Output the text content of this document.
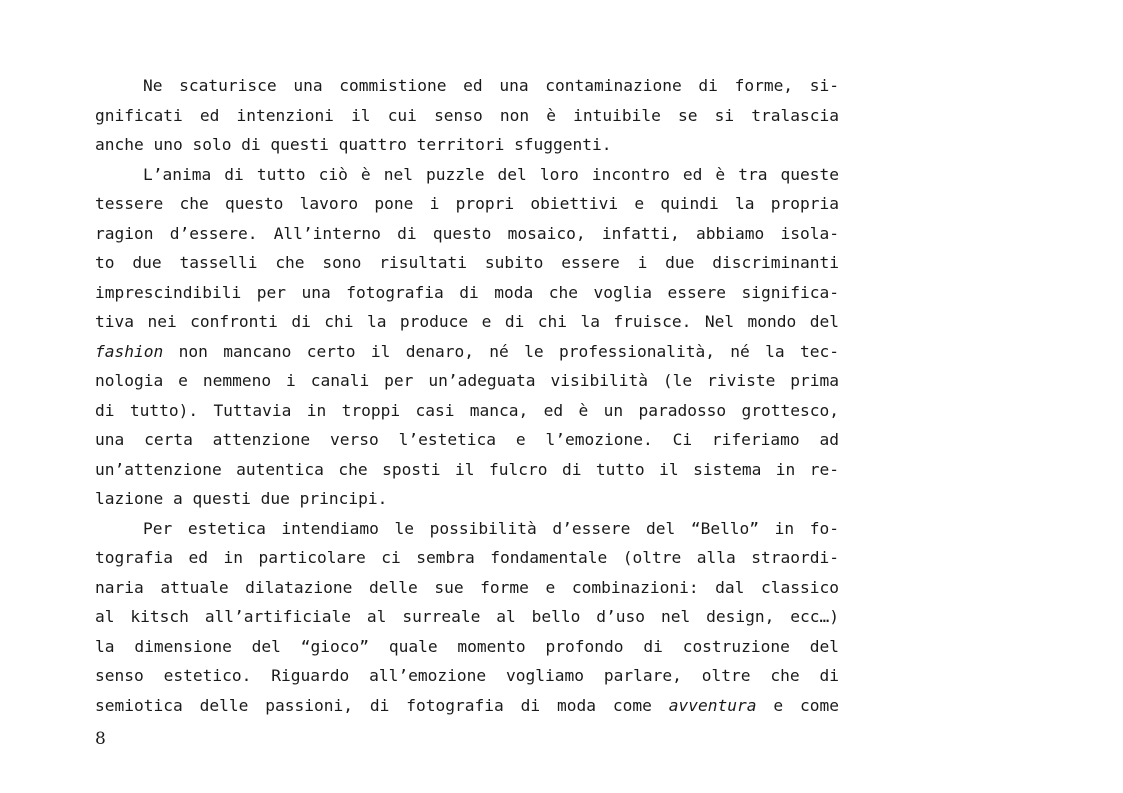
Ne scaturisce una commistione ed una contaminazione di forme, si-
gnificati ed intenzioni il cui senso non è intuibile se si tralascia
anche uno solo di questi quattro territori sfuggenti.
L’anima di tutto ciò è nel puzzle del loro incontro ed è tra queste
tessere che questo lavoro pone i propri obiettivi e quindi la propria
ragion d’essere. All’interno di questo mosaico, infatti, abbiamo isola-
to due tasselli che sono risultati subito essere i due discriminanti
imprescindibili per una fotografia di moda che voglia essere significa-
tiva nei confronti di chi la produce e di chi la fruisce. Nel mondo del
fashion non mancano certo il denaro, né le professionalità, né la tec-
nologia e nemmeno i canali per un’adeguata visibilità (le riviste prima
di tutto). Tuttavia in troppi casi manca, ed è un paradosso grottesco,
una certa attenzione verso l’estetica e l’emozione. Ci riferiamo ad
un’attenzione autentica che sposti il fulcro di tutto il sistema in re-
lazione a questi due principi.
Per estetica intendiamo le possibilità d’essere del “Bello” in fo-
tografia ed in particolare ci sembra fondamentale (oltre alla straordi-
naria attuale dilatazione delle sue forme e combinazioni: dal classico
al kitsch all’artificiale al surreale al bello d’uso nel design, ecc…)
la dimensione del “gioco” quale momento profondo di costruzione del
senso estetico. Riguardo all’emozione vogliamo parlare, oltre che di
semiotica delle passioni, di fotografia di moda come avventura e come
8
